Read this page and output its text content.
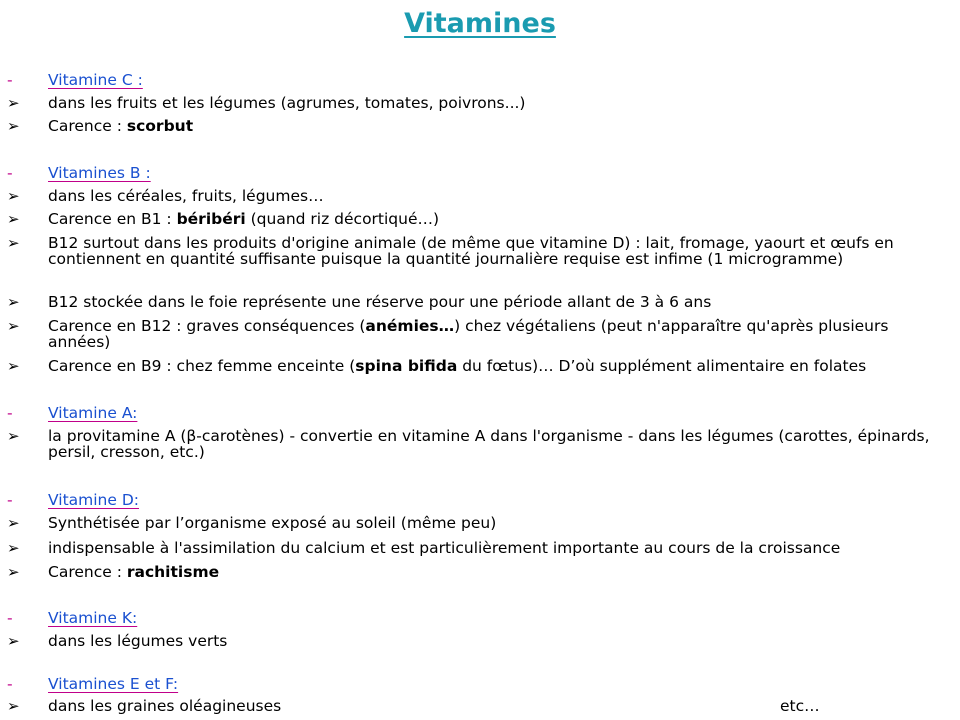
Vitamines
- Vitamine C :
➢ dans les fruits et les légumes (agrumes, tomates, poivrons...)
➢ Carence : scorbut
- Vitamines B :
➢ dans les céréales, fruits, légumes…
➢ Carence en B1 : béribéri (quand riz décortiqué…)
➢ B12 surtout dans les produits d'origine animale (de même que vitamine D) : lait, fromage, yaourt et œufs en contiennent en quantité suffisante puisque la quantité journalière requise est infime (1 microgramme)
➢ B12 stockée dans le foie représente une réserve pour une période allant de 3 à 6 ans
➢ Carence en B12 : graves conséquences (anémies…) chez végétaliens (peut n'apparaître qu'après plusieurs années)
➢ Carence en B9 : chez femme enceinte (spina bifida du fœtus)… D’où supplément alimentaire en folates
- Vitamine A:
➢ la provitamine A (β-carotènes) - convertie en vitamine A dans l'organisme - dans les légumes (carottes, épinards, persil, cresson, etc.)
- Vitamine D:
➢ Synthétisée par l’organisme exposé au soleil (même peu)
➢ indispensable à l'assimilation du calcium et est particulièrement importante au cours de la croissance
➢ Carence : rachitisme
- Vitamine K:
➢ dans les légumes verts
- Vitamines E et F:
➢ dans les graines oléagineuses	etc…
